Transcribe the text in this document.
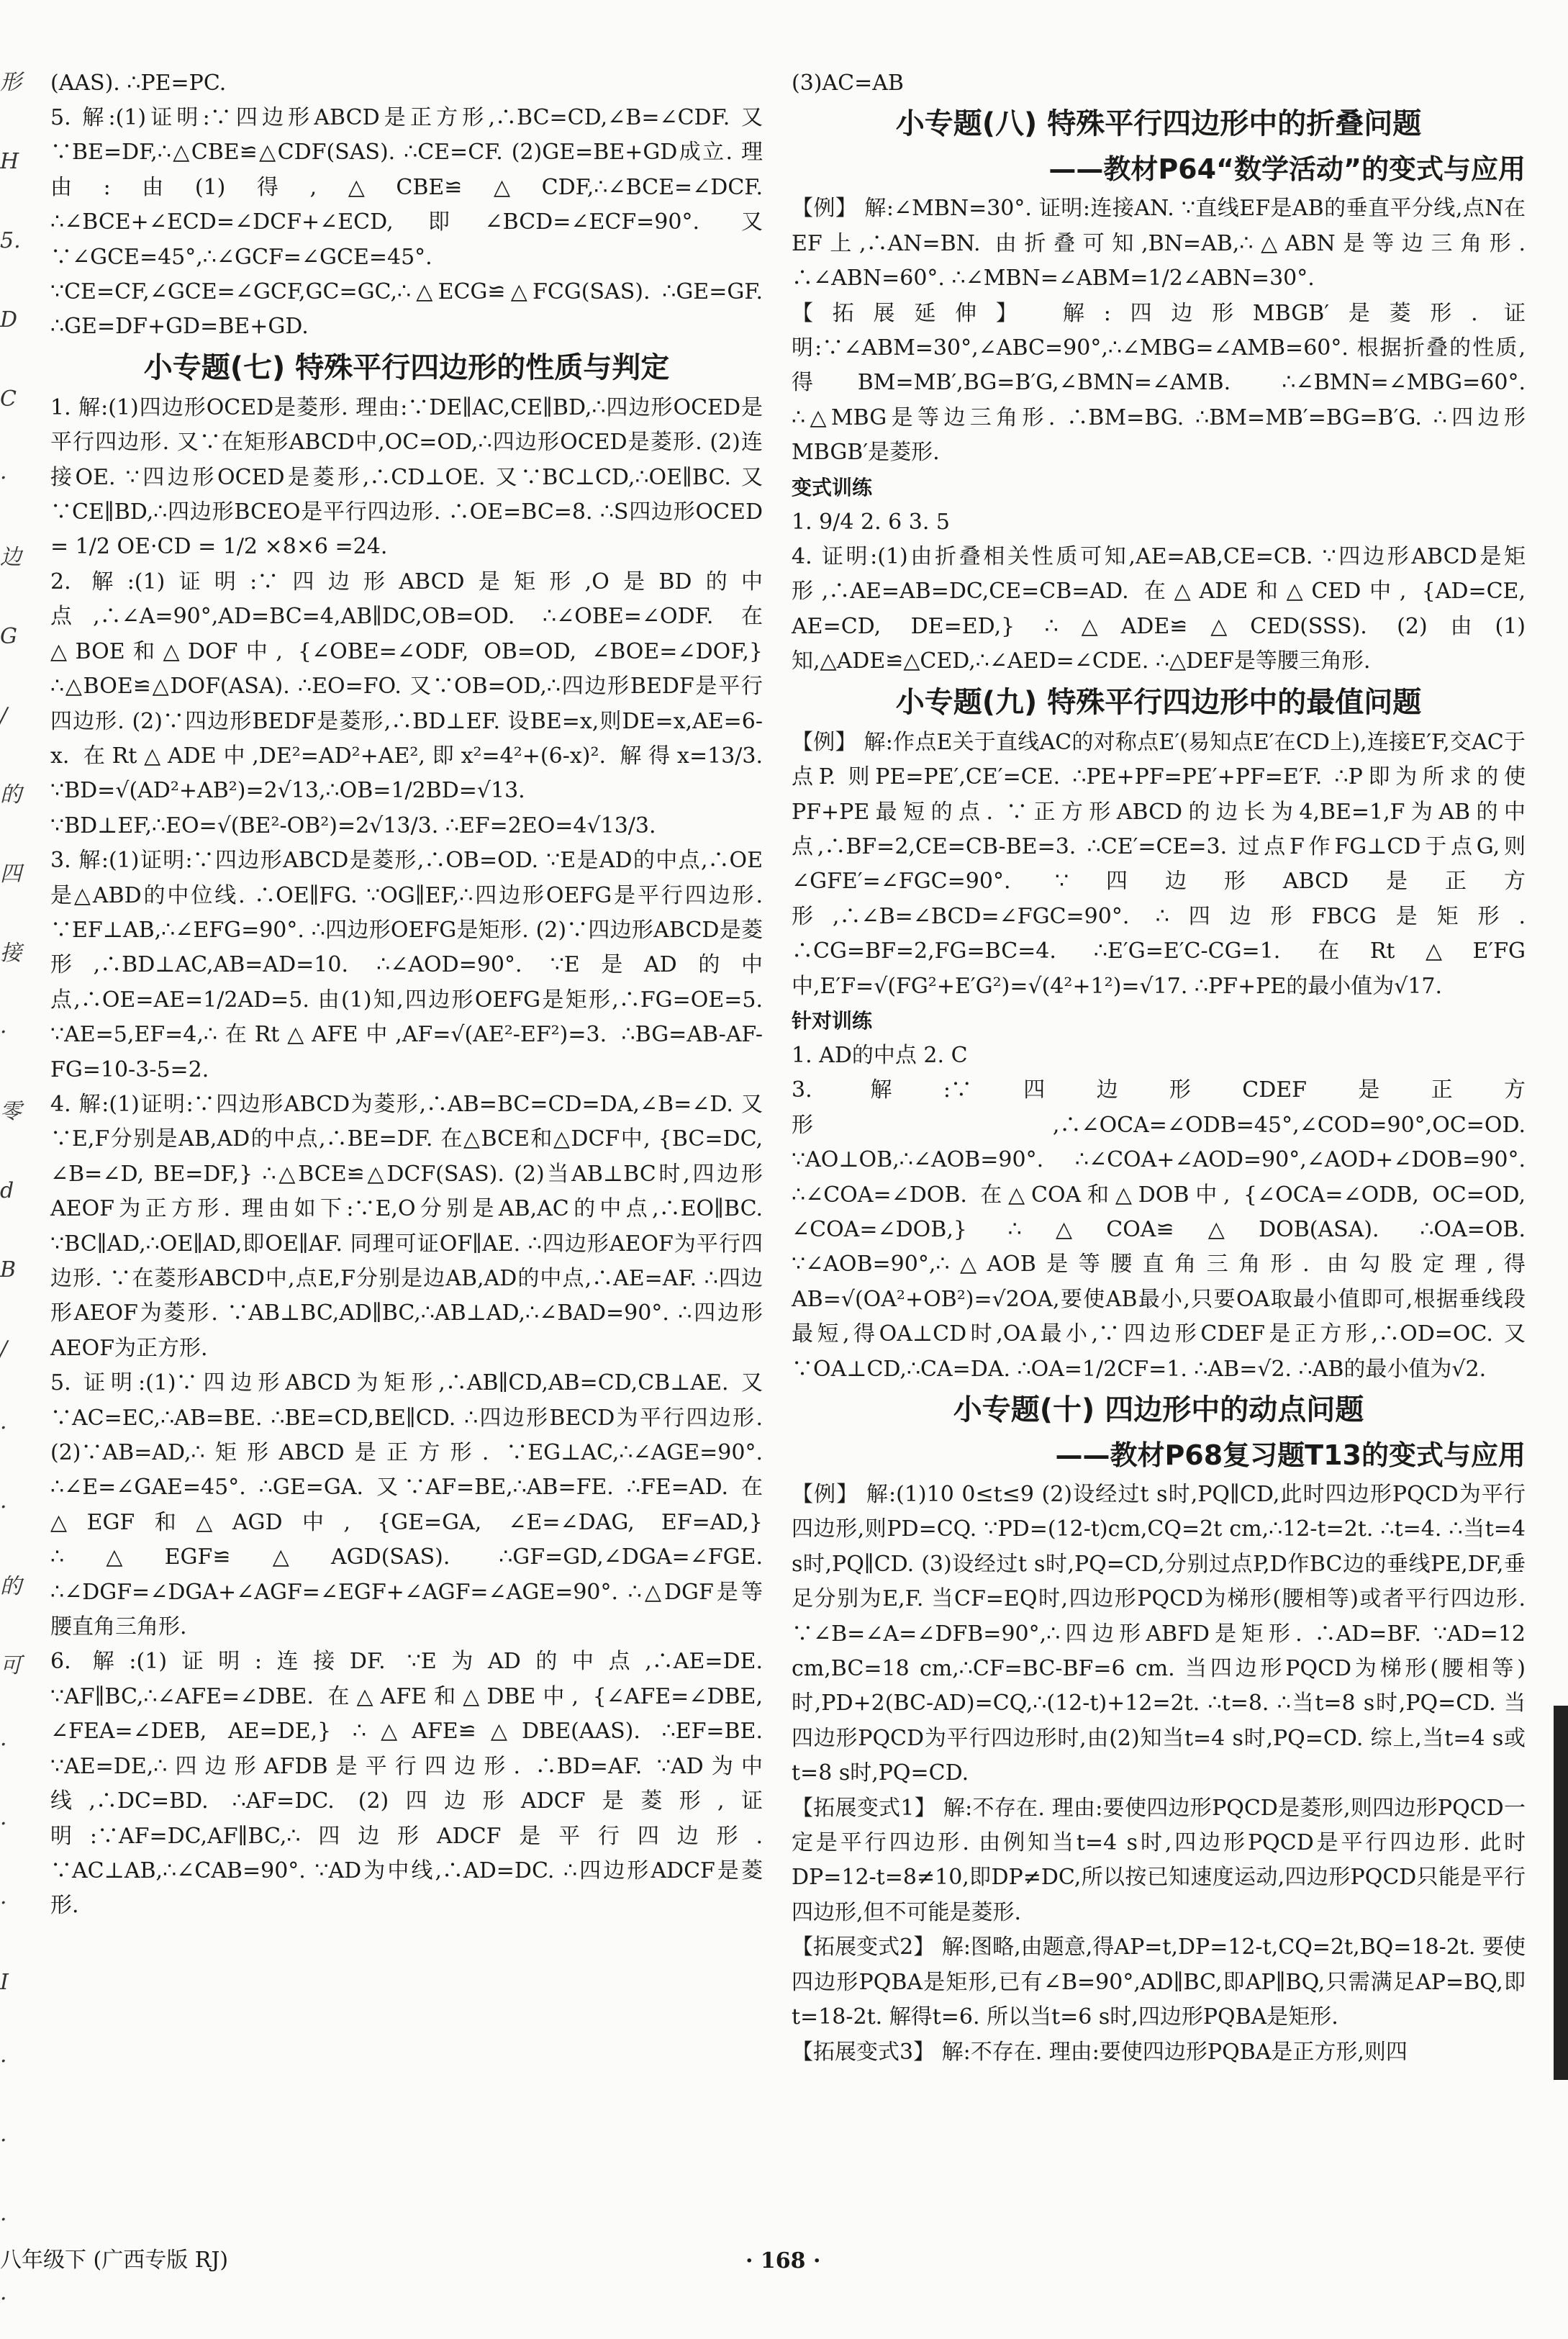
形
H
5.
D
C
·
边
G
/
的
四
接
·
零
d
B
/
·
·
的
可
·
·
·
I
·
·
·
·

(AAS). ∴PE=PC.

5. 解:(1)证明:∵四边形ABCD是正方形,∴BC=CD,∠B=∠CDF. 又∵BE=DF,∴△CBE≌△CDF(SAS). ∴CE=CF. (2)GE=BE+GD成立. 理由:由(1)得,△CBE≌△CDF,∴∠BCE=∠DCF. ∴∠BCE+∠ECD=∠DCF+∠ECD,即∠BCD=∠ECF=90°. 又∵∠GCE=45°,∴∠GCF=∠GCE=45°. ∵CE=CF,∠GCE=∠GCF,GC=GC,∴△ECG≌△FCG(SAS). ∴GE=GF. ∴GE=DF+GD=BE+GD.

小专题(七) 特殊平行四边形的性质与判定

1. 解:(1)四边形OCED是菱形. 理由:∵DE∥AC,CE∥BD,∴四边形OCED是平行四边形. 又∵在矩形ABCD中,OC=OD,∴四边形OCED是菱形. (2)连接OE. ∵四边形OCED是菱形,∴CD⊥OE. 又∵BC⊥CD,∴OE∥BC. 又∵CE∥BD,∴四边形BCEO是平行四边形. ∴OE=BC=8. ∴S四边形OCED = 1/2 OE·CD = 1/2 ×8×6 =24.

2. 解:(1)证明:∵四边形ABCD是矩形,O是BD的中点,∴∠A=90°,AD=BC=4,AB∥DC,OB=OD. ∴∠OBE=∠ODF. 在△BOE和△DOF中, {∠OBE=∠ODF, OB=OD, ∠BOE=∠DOF,} ∴△BOE≌△DOF(ASA). ∴EO=FO. 又∵OB=OD,∴四边形BEDF是平行四边形. (2)∵四边形BEDF是菱形,∴BD⊥EF. 设BE=x,则DE=x,AE=6-x. 在Rt△ADE中,DE²=AD²+AE²,即x²=4²+(6-x)². 解得x=13/3. ∵BD=√(AD²+AB²)=2√13,∴OB=1/2BD=√13. ∵BD⊥EF,∴EO=√(BE²-OB²)=2√13/3. ∴EF=2EO=4√13/3.

3. 解:(1)证明:∵四边形ABCD是菱形,∴OB=OD. ∵E是AD的中点,∴OE是△ABD的中位线. ∴OE∥FG. ∵OG∥EF,∴四边形OEFG是平行四边形. ∵EF⊥AB,∴∠EFG=90°. ∴四边形OEFG是矩形. (2)∵四边形ABCD是菱形,∴BD⊥AC,AB=AD=10. ∴∠AOD=90°. ∵E是AD的中点,∴OE=AE=1/2AD=5. 由(1)知,四边形OEFG是矩形,∴FG=OE=5. ∵AE=5,EF=4,∴在Rt△AFE中,AF=√(AE²-EF²)=3. ∴BG=AB-AF-FG=10-3-5=2.

4. 解:(1)证明:∵四边形ABCD为菱形,∴AB=BC=CD=DA,∠B=∠D. 又∵E,F分别是AB,AD的中点,∴BE=DF. 在△BCE和△DCF中, {BC=DC, ∠B=∠D, BE=DF,} ∴△BCE≌△DCF(SAS). (2)当AB⊥BC时,四边形AEOF为正方形. 理由如下:∵E,O分别是AB,AC的中点,∴EO∥BC. ∵BC∥AD,∴OE∥AD,即OE∥AF. 同理可证OF∥AE. ∴四边形AEOF为平行四边形. ∵在菱形ABCD中,点E,F分别是边AB,AD的中点,∴AE=AF. ∴四边形AEOF为菱形. ∵AB⊥BC,AD∥BC,∴AB⊥AD,∴∠BAD=90°. ∴四边形AEOF为正方形.

5. 证明:(1)∵四边形ABCD为矩形,∴AB∥CD,AB=CD,CB⊥AE. 又∵AC=EC,∴AB=BE. ∴BE=CD,BE∥CD. ∴四边形BECD为平行四边形. (2)∵AB=AD,∴矩形ABCD是正方形. ∵EG⊥AC,∴∠AGE=90°. ∴∠E=∠GAE=45°. ∴GE=GA. 又∵AF=BE,∴AB=FE. ∴FE=AD. 在△EGF和△AGD中, {GE=GA, ∠E=∠DAG, EF=AD,} ∴△EGF≌△AGD(SAS). ∴GF=GD,∠DGA=∠FGE. ∴∠DGF=∠DGA+∠AGF=∠EGF+∠AGF=∠AGE=90°. ∴△DGF是等腰直角三角形.

6. 解:(1)证明:连接DF. ∵E为AD的中点,∴AE=DE. ∵AF∥BC,∴∠AFE=∠DBE. 在△AFE和△DBE中, {∠AFE=∠DBE, ∠FEA=∠DEB, AE=DE,} ∴△AFE≌△DBE(AAS). ∴EF=BE. ∵AE=DE,∴四边形AFDB是平行四边形. ∴BD=AF. ∵AD为中线,∴DC=BD. ∴AF=DC. (2)四边形ADCF是菱形,证明:∵AF=DC,AF∥BC,∴四边形ADCF是平行四边形. ∵AC⊥AB,∴∠CAB=90°. ∵AD为中线,∴AD=DC. ∴四边形ADCF是菱形.

(3)AC=AB

小专题(八) 特殊平行四边形中的折叠问题
——教材P64“数学活动”的变式与应用

【例】 解:∠MBN=30°. 证明:连接AN. ∵直线EF是AB的垂直平分线,点N在EF上,∴AN=BN. 由折叠可知,BN=AB,∴△ABN是等边三角形. ∴∠ABN=60°. ∴∠MBN=∠ABM=1/2∠ABN=30°.

【拓展延伸】 解:四边形MBGB′是菱形. 证明:∵∠ABM=30°,∠ABC=90°,∴∠MBG=∠AMB=60°. 根据折叠的性质,得BM=MB′,BG=B′G,∠BMN=∠AMB. ∴∠BMN=∠MBG=60°. ∴△MBG是等边三角形. ∴BM=BG. ∴BM=MB′=BG=B′G. ∴四边形MBGB′是菱形.

变式训练

1. 9/4 2. 6 3. 5

4. 证明:(1)由折叠相关性质可知,AE=AB,CE=CB. ∵四边形ABCD是矩形,∴AE=AB=DC,CE=CB=AD. 在△ADE和△CED中, {AD=CE, AE=CD, DE=ED,} ∴△ADE≌△CED(SSS). (2)由(1)知,△ADE≌△CED,∴∠AED=∠CDE. ∴△DEF是等腰三角形.

小专题(九) 特殊平行四边形中的最值问题

【例】 解:作点E关于直线AC的对称点E′(易知点E′在CD上),连接E′F,交AC于点P. 则PE=PE′,CE′=CE. ∴PE+PF=PE′+PF=E′F. ∴P即为所求的使PF+PE最短的点. ∵正方形ABCD的边长为4,BE=1,F为AB的中点,∴BF=2,CE=CB-BE=3. ∴CE′=CE=3. 过点F作FG⊥CD于点G,则∠GFE′=∠FGC=90°. ∵四边形ABCD是正方形,∴∠B=∠BCD=∠FGC=90°. ∴四边形FBCG是矩形. ∴CG=BF=2,FG=BC=4. ∴E′G=E′C-CG=1. 在Rt△E′FG中,E′F=√(FG²+E′G²)=√(4²+1²)=√17. ∴PF+PE的最小值为√17.

针对训练

1. AD的中点 2. C

3. 解:∵四边形CDEF是正方形,∴∠OCA=∠ODB=45°,∠COD=90°,OC=OD. ∵AO⊥OB,∴∠AOB=90°. ∴∠COA+∠AOD=90°,∠AOD+∠DOB=90°. ∴∠COA=∠DOB. 在△COA和△DOB中, {∠OCA=∠ODB, OC=OD, ∠COA=∠DOB,} ∴△COA≌△DOB(ASA). ∴OA=OB. ∵∠AOB=90°,∴△AOB是等腰直角三角形. 由勾股定理,得AB=√(OA²+OB²)=√2OA,要使AB最小,只要OA取最小值即可,根据垂线段最短,得OA⊥CD时,OA最小,∵四边形CDEF是正方形,∴OD=OC. 又∵OA⊥CD,∴CA=DA. ∴OA=1/2CF=1. ∴AB=√2. ∴AB的最小值为√2.

小专题(十) 四边形中的动点问题
——教材P68复习题T13的变式与应用

【例】 解:(1)10 0≤t≤9 (2)设经过t s时,PQ∥CD,此时四边形PQCD为平行四边形,则PD=CQ. ∵PD=(12-t)cm,CQ=2t cm,∴12-t=2t. ∴t=4. ∴当t=4 s时,PQ∥CD. (3)设经过t s时,PQ=CD,分别过点P,D作BC边的垂线PE,DF,垂足分别为E,F. 当CF=EQ时,四边形PQCD为梯形(腰相等)或者平行四边形. ∵∠B=∠A=∠DFB=90°,∴四边形ABFD是矩形. ∴AD=BF. ∵AD=12 cm,BC=18 cm,∴CF=BC-BF=6 cm. 当四边形PQCD为梯形(腰相等)时,PD+2(BC-AD)=CQ,∴(12-t)+12=2t. ∴t=8. ∴当t=8 s时,PQ=CD. 当四边形PQCD为平行四边形时,由(2)知当t=4 s时,PQ=CD. 综上,当t=4 s或t=8 s时,PQ=CD.

【拓展变式1】 解:不存在. 理由:要使四边形PQCD是菱形,则四边形PQCD一定是平行四边形. 由例知当t=4 s时,四边形PQCD是平行四边形. 此时DP=12-t=8≠10,即DP≠DC,所以按已知速度运动,四边形PQCD只能是平行四边形,但不可能是菱形.

【拓展变式2】 解:图略,由题意,得AP=t,DP=12-t,CQ=2t,BQ=18-2t. 要使四边形PQBA是矩形,已有∠B=90°,AD∥BC,即AP∥BQ,只需满足AP=BQ,即t=18-2t. 解得t=6. 所以当t=6 s时,四边形PQBA是矩形.

【拓展变式3】 解:不存在. 理由:要使四边形PQBA是正方形,则四

八年级下 (广西专版 RJ)	· 168 ·
